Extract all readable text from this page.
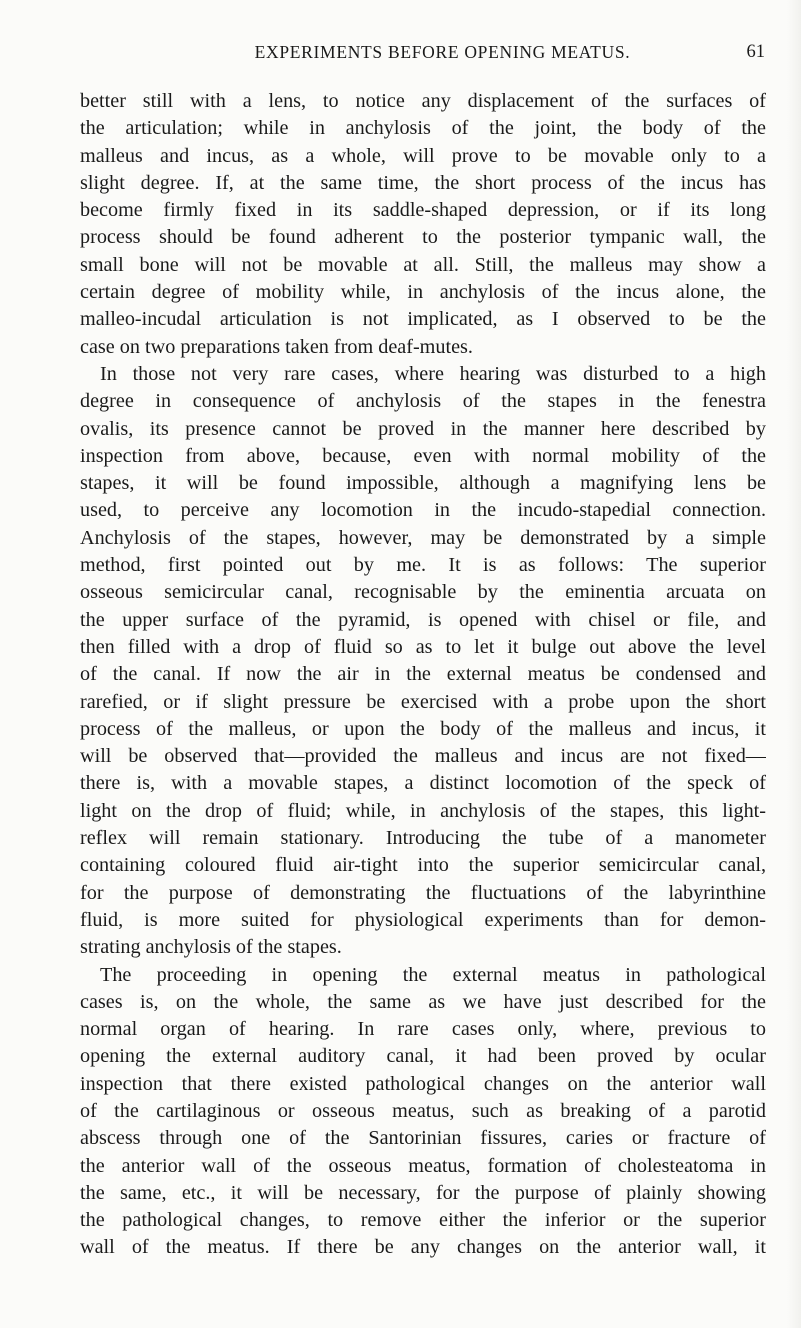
EXPERIMENTS BEFORE OPENING MEATUS.	61
better still with a lens, to notice any displacement of the surfaces of
the articulation; while in anchylosis of the joint, the body of the
malleus and incus, as a whole, will prove to be movable only to a
slight degree. If, at the same time, the short process of the incus has
become firmly fixed in its saddle-shaped depression, or if its long
process should be found adherent to the posterior tympanic wall, the
small bone will not be movable at all. Still, the malleus may show a
certain degree of mobility while, in anchylosis of the incus alone, the
malleo-incudal articulation is not implicated, as I observed to be the
case on two preparations taken from deaf-mutes.
In those not very rare cases, where hearing was disturbed to a high
degree in consequence of anchylosis of the stapes in the fenestra
ovalis, its presence cannot be proved in the manner here described by
inspection from above, because, even with normal mobility of the
stapes, it will be found impossible, although a magnifying lens be
used, to perceive any locomotion in the incudo-stapedial connection.
Anchylosis of the stapes, however, may be demonstrated by a simple
method, first pointed out by me. It is as follows: The superior
osseous semicircular canal, recognisable by the eminentia arcuata on
the upper surface of the pyramid, is opened with chisel or file, and
then filled with a drop of fluid so as to let it bulge out above the level
of the canal. If now the air in the external meatus be condensed and
rarefied, or if slight pressure be exercised with a probe upon the short
process of the malleus, or upon the body of the malleus and incus, it
will be observed that—provided the malleus and incus are not fixed—
there is, with a movable stapes, a distinct locomotion of the speck of
light on the drop of fluid; while, in anchylosis of the stapes, this light-
reflex will remain stationary. Introducing the tube of a manometer
containing coloured fluid air-tight into the superior semicircular canal,
for the purpose of demonstrating the fluctuations of the labyrinthine
fluid, is more suited for physiological experiments than for demon-
strating anchylosis of the stapes.
The proceeding in opening the external meatus in pathological
cases is, on the whole, the same as we have just described for the
normal organ of hearing. In rare cases only, where, previous to
opening the external auditory canal, it had been proved by ocular
inspection that there existed pathological changes on the anterior wall
of the cartilaginous or osseous meatus, such as breaking of a parotid
abscess through one of the Santorinian fissures, caries or fracture of
the anterior wall of the osseous meatus, formation of cholesteatoma in
the same, etc., it will be necessary, for the purpose of plainly showing
the pathological changes, to remove either the inferior or the superior
wall of the meatus. If there be any changes on the anterior wall, it
